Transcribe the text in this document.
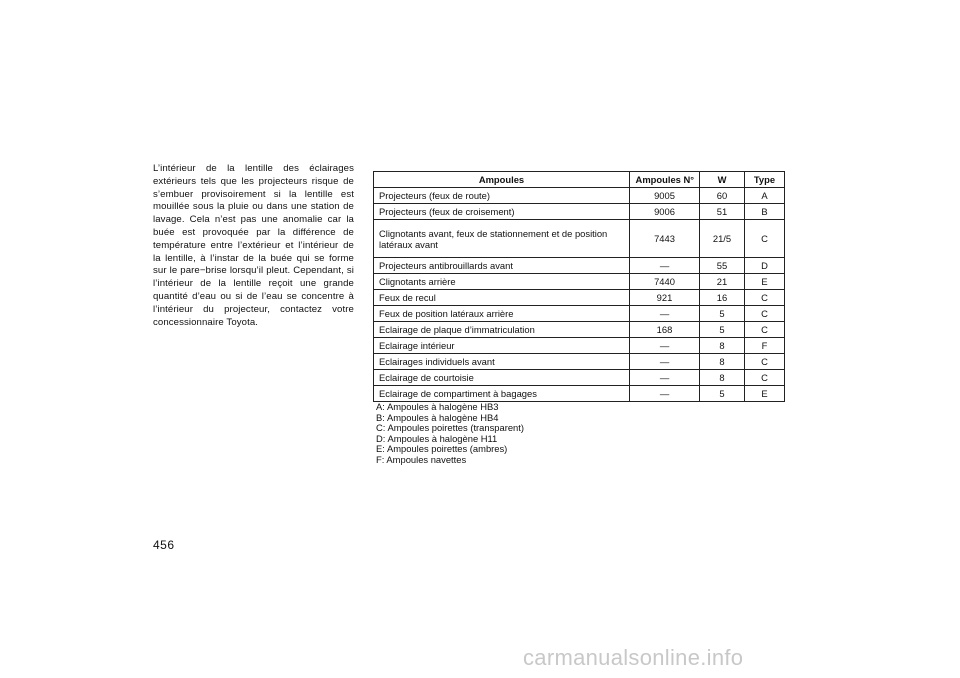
L’intérieur de la lentille des éclairages extérieurs tels que les projecteurs risque de s’embuer provisoirement si la lentille est mouillée sous la pluie ou dans une station de lavage. Cela n’est pas une anomalie car la buée est provoquée par la différence de température entre l’extérieur et l’intérieur de la lentille, à l’instar de la buée qui se forme sur le pare−brise lorsqu’il pleut. Cependant, si l’intérieur de la lentille reçoit une grande quantité d’eau ou si de l’eau se concentre à l’intérieur du projecteur, contactez votre concessionnaire Toyota.
Ampoules	Ampoules N°	W	Type
Projecteurs (feux de route)	9005	60	A
Projecteurs (feux de croisement)	9006	51	B
Clignotants avant, feux de stationnement et de position latéraux avant	7443	21/5	C
Projecteurs antibrouillards avant	—	55	D
Clignotants arrière	7440	21	E
Feux de recul	921	16	C
Feux de position latéraux arrière	—	5	C
Eclairage de plaque d’immatriculation	168	5	C
Eclairage intérieur	—	8	F
Eclairages individuels avant	—	8	C
Eclairage de courtoisie	—	8	C
Eclairage de compartiment à bagages	—	5	E
A: Ampoules à halogène HB3
B: Ampoules à halogène HB4
C: Ampoules poirettes (transparent)
D: Ampoules à halogène H11
E: Ampoules poirettes (ambres)
F: Ampoules navettes
456
carmanualsonline.info
